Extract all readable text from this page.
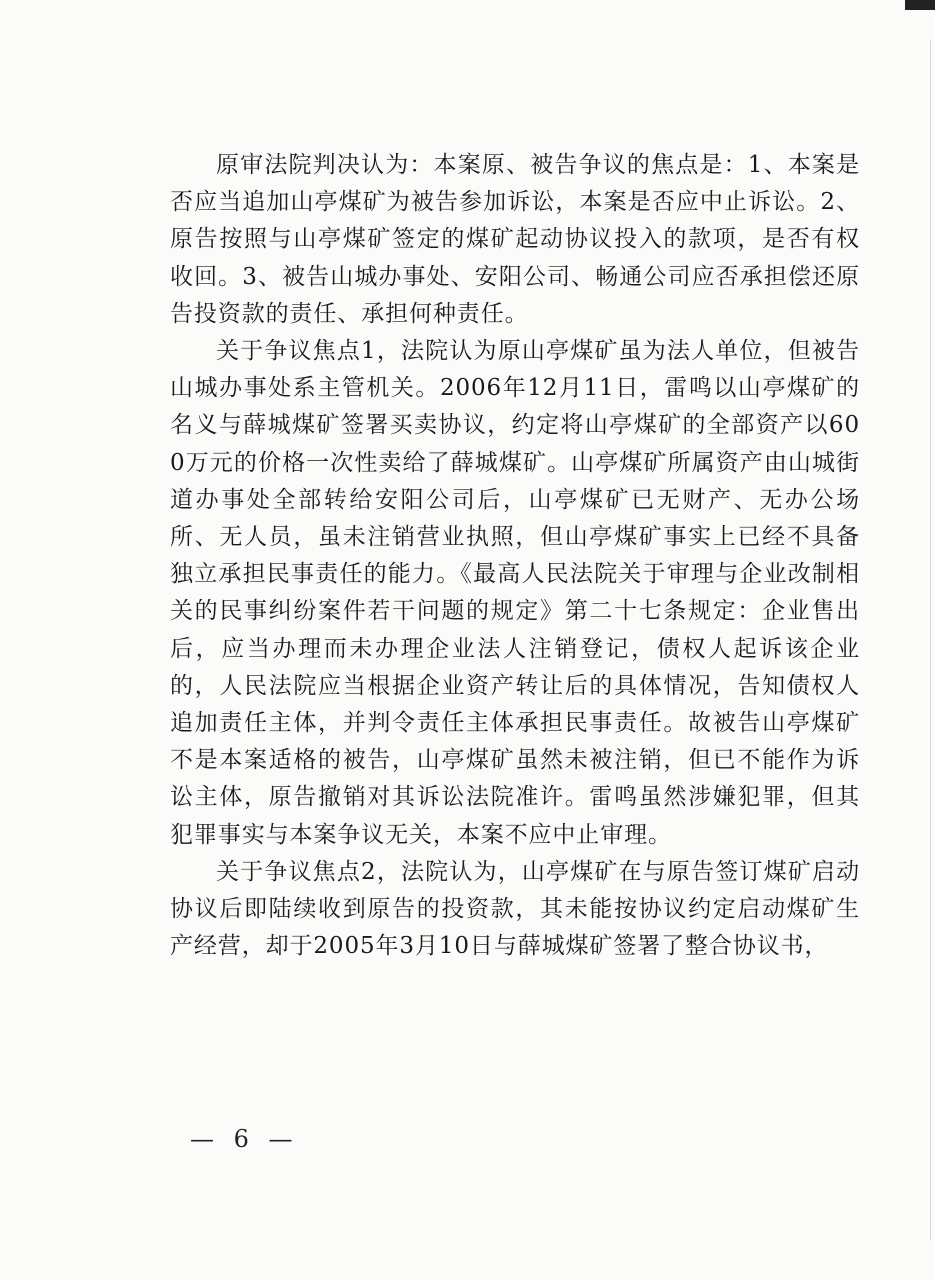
原审法院判决认为：本案原、被告争议的焦点是：1、本案是否应当追加山亭煤矿为被告参加诉讼，本案是否应中止诉讼。2、原告按照与山亭煤矿签定的煤矿起动协议投入的款项，是否有权收回。3、被告山城办事处、安阳公司、畅通公司应否承担偿还原告投资款的责任、承担何种责任。

关于争议焦点1，法院认为原山亭煤矿虽为法人单位，但被告山城办事处系主管机关。2006年12月11日，雷鸣以山亭煤矿的名义与薛城煤矿签署买卖协议，约定将山亭煤矿的全部资产以600万元的价格一次性卖给了薛城煤矿。山亭煤矿所属资产由山城街道办事处全部转给安阳公司后，山亭煤矿已无财产、无办公场所、无人员，虽未注销营业执照，但山亭煤矿事实上已经不具备独立承担民事责任的能力。《最高人民法院关于审理与企业改制相关的民事纠纷案件若干问题的规定》第二十七条规定：企业售出后，应当办理而未办理企业法人注销登记，债权人起诉该企业的，人民法院应当根据企业资产转让后的具体情况，告知债权人追加责任主体，并判令责任主体承担民事责任。故被告山亭煤矿不是本案适格的被告，山亭煤矿虽然未被注销，但已不能作为诉讼主体，原告撤销对其诉讼法院准许。雷鸣虽然涉嫌犯罪，但其犯罪事实与本案争议无关，本案不应中止审理。

关于争议焦点2，法院认为，山亭煤矿在与原告签订煤矿启动协议后即陆续收到原告的投资款，其未能按协议约定启动煤矿生产经营，却于2005年3月10日与薛城煤矿签署了整合协议书，

— 6 —
